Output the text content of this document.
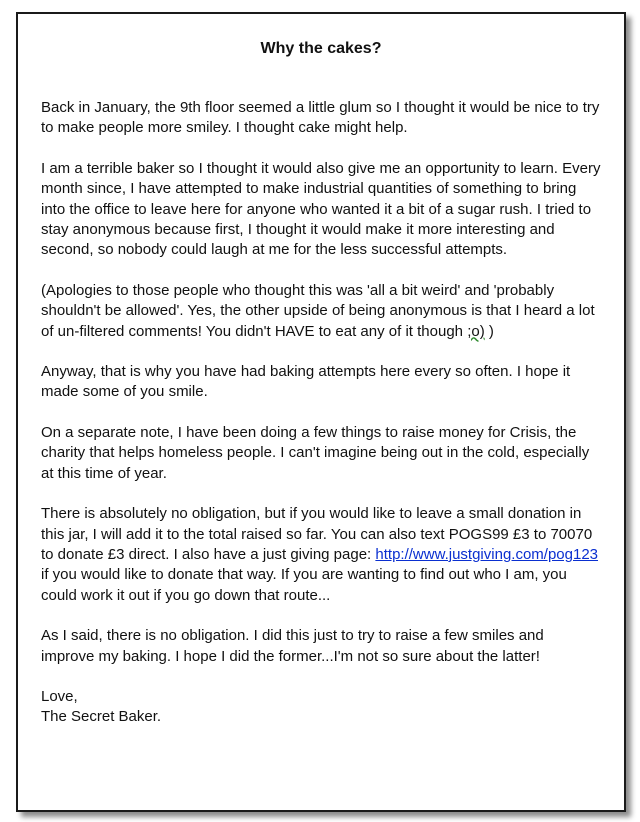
Why the cakes?

Back in January, the 9th floor seemed a little glum so I thought it would be nice to try to make people more smiley. I thought cake might help.

I am a terrible baker so I thought it would also give me an opportunity to learn. Every month since, I have attempted to make industrial quantities of something to bring into the office to leave here for anyone who wanted it a bit of a sugar rush. I tried to stay anonymous because first, I thought it would make it more interesting and second, so nobody could laugh at me for the less successful attempts.

(Apologies to those people who thought this was 'all a bit weird' and 'probably shouldn't be allowed'. Yes, the other upside of being anonymous is that I heard a lot of un-filtered comments! You didn't HAVE to eat any of it though ;o) )

Anyway, that is why you have had baking attempts here every so often. I hope it made some of you smile.

On a separate note, I have been doing a few things to raise money for Crisis, the charity that helps homeless people. I can't imagine being out in the cold, especially at this time of year.

There is absolutely no obligation, but if you would like to leave a small donation in this jar, I will add it to the total raised so far. You can also text POGS99 £3 to 70070 to donate £3 direct. I also have a just giving page: http://www.justgiving.com/pog123 if you would like to donate that way. If you are wanting to find out who I am, you could work it out if you go down that route...

As I said, there is no obligation. I did this just to try to raise a few smiles and improve my baking. I hope I did the former...I'm not so sure about the latter!

Love,

The Secret Baker.
